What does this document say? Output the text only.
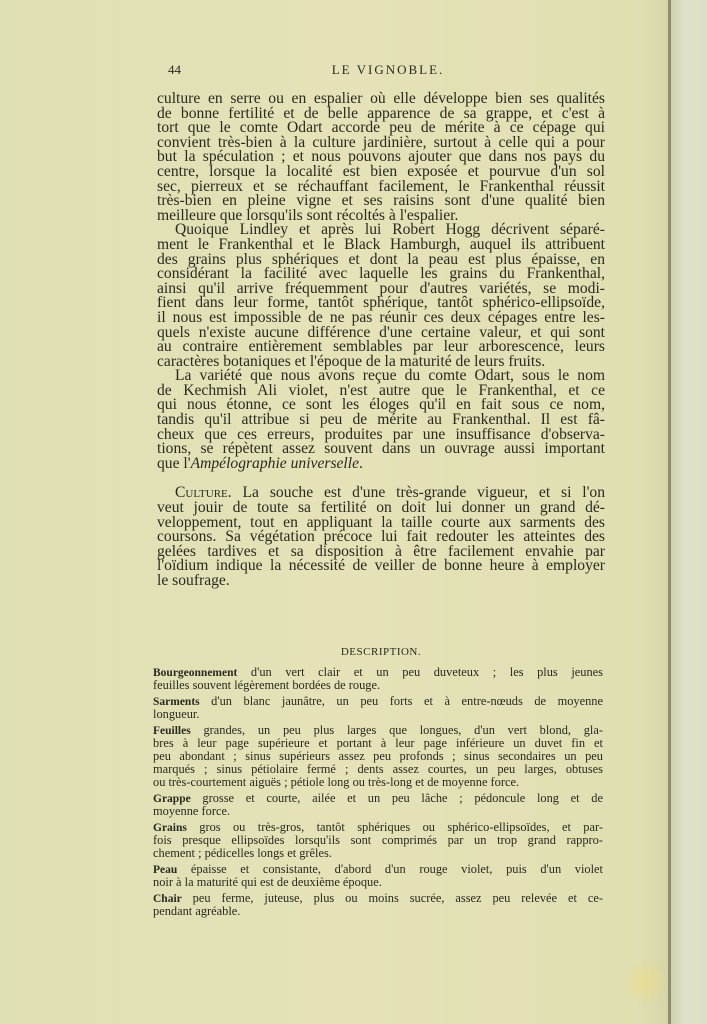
44	LE VIGNOBLE.
culture en serre ou en espalier où elle développe bien ses qualités
de bonne fertilité et de belle apparence de sa grappe, et c'est à
tort que le comte Odart accorde peu de mérite à ce cépage qui
convient très-bien à la culture jardinière, surtout à celle qui a pour
but la spéculation ; et nous pouvons ajouter que dans nos pays du
centre, lorsque la localité est bien exposée et pourvue d'un sol
sec, pierreux et se réchauffant facilement, le Frankenthal réussit
très-bien en pleine vigne et ses raisins sont d'une qualité bien
meilleure que lorsqu'ils sont récoltés à l'espalier.
Quoique Lindley et après lui Robert Hogg décrivent séparé-
ment le Frankenthal et le Black Hamburgh, auquel ils attribuent
des grains plus sphériques et dont la peau est plus épaisse, en
considérant la facilité avec laquelle les grains du Frankenthal,
ainsi qu'il arrive fréquemment pour d'autres variétés, se modi-
fient dans leur forme, tantôt sphérique, tantôt sphérico-ellipsoïde,
il nous est impossible de ne pas réunir ces deux cépages entre les-
quels n'existe aucune différence d'une certaine valeur, et qui sont
au contraire entièrement semblables par leur arborescence, leurs
caractères botaniques et l'époque de la maturité de leurs fruits.
La variété que nous avons reçue du comte Odart, sous le nom
de Kechmish Ali violet, n'est autre que le Frankenthal, et ce
qui nous étonne, ce sont les éloges qu'il en fait sous ce nom,
tandis qu'il attribue si peu de mérite au Frankenthal. Il est fâ-
cheux que ces erreurs, produites par une insuffisance d'observa-
tions, se répètent assez souvent dans un ouvrage aussi important
que l'Ampélographie universelle.
Culture. La souche est d'une très-grande vigueur, et si l'on
veut jouir de toute sa fertilité on doit lui donner un grand dé-
veloppement, tout en appliquant la taille courte aux sarments des
coursons. Sa végétation précoce lui fait redouter les atteintes des
gelées tardives et sa disposition à être facilement envahie par
l'oïdium indique la nécessité de veiller de bonne heure à employer
le soufrage.
DESCRIPTION.
Bourgeonnement d'un vert clair et un peu duveteux ; les plus jeunes
feuilles souvent légèrement bordées de rouge.
Sarments d'un blanc jaunâtre, un peu forts et à entre-nœuds de moyenne
longueur.
Feuilles grandes, un peu plus larges que longues, d'un vert blond, gla-
bres à leur page supérieure et portant à leur page inférieure un duvet fin et
peu abondant ; sinus supérieurs assez peu profonds ; sinus secondaires un peu
marqués ; sinus pétiolaire fermé ; dents assez courtes, un peu larges, obtuses
ou très-courtement aiguës ; pétiole long ou très-long et de moyenne force.
Grappe grosse et courte, ailée et un peu lâche ; pédoncule long et de
moyenne force.
Grains gros ou très-gros, tantôt sphériques ou sphérico-ellipsoïdes, et par-
fois presque ellipsoïdes lorsqu'ils sont comprimés par un trop grand rappro-
chement ; pédicelles longs et grêles.
Peau épaisse et consistante, d'abord d'un rouge violet, puis d'un violet
noir à la maturité qui est de deuxième époque.
Chair peu ferme, juteuse, plus ou moins sucrée, assez peu relevée et ce-
pendant agréable.
